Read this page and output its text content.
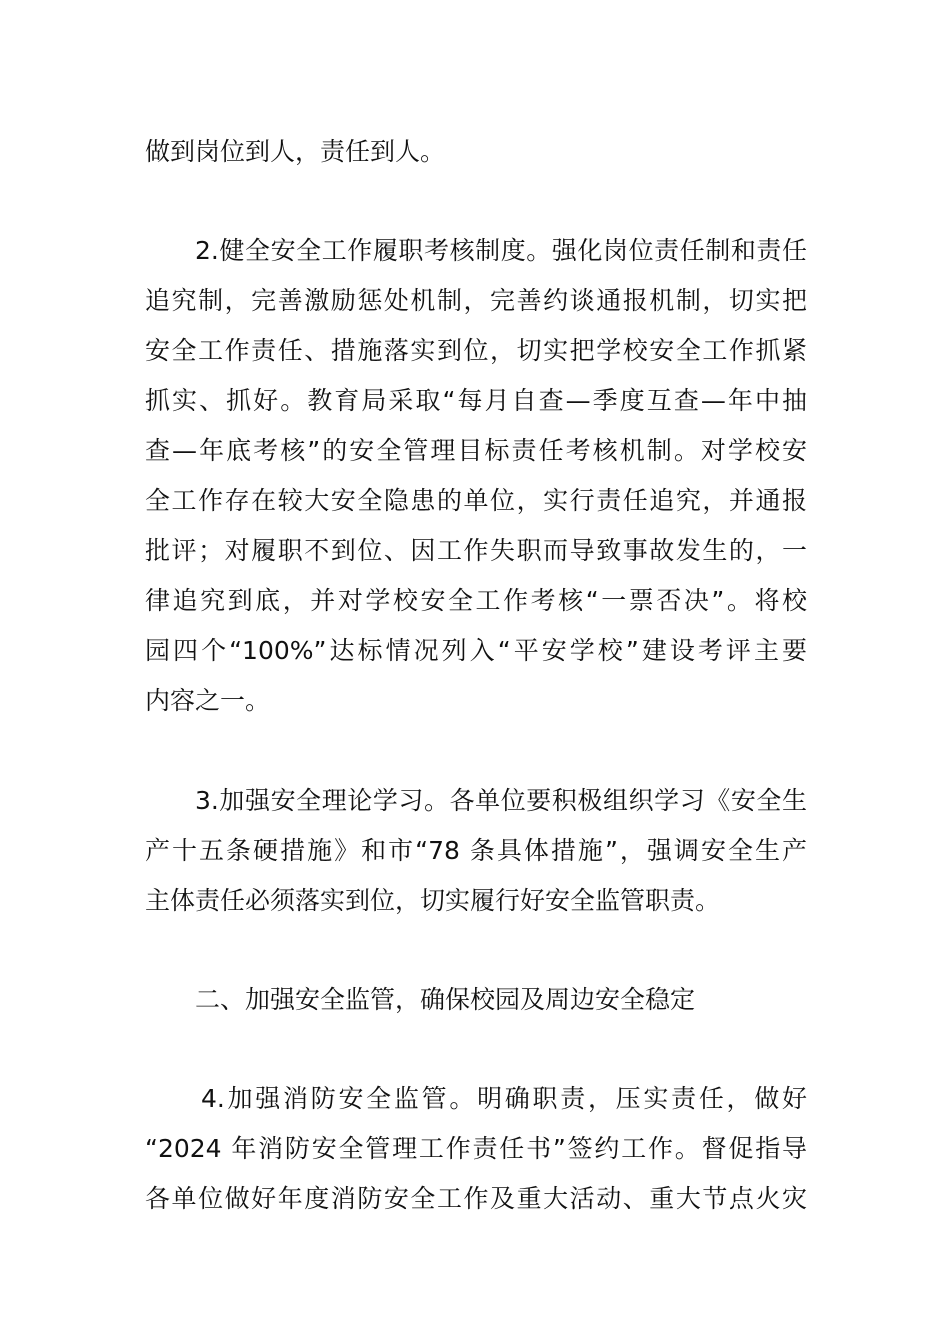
做到岗位到人，责任到人。
2.健全安全工作履职考核制度。强化岗位责任制和责任
追究制，完善激励惩处机制，完善约谈通报机制，切实把
安全工作责任、措施落实到位，切实把学校安全工作抓紧
抓实、抓好。教育局采取“每月自查—季度互查—年中抽
查—年底考核”的安全管理目标责任考核机制。对学校安
全工作存在较大安全隐患的单位，实行责任追究，并通报
批评；对履职不到位、因工作失职而导致事故发生的，一
律追究到底，并对学校安全工作考核“一票否决”。将校
园四个“100%”达标情况列入“平安学校”建设考评主要
内容之一。
3.加强安全理论学习。各单位要积极组织学习《安全生
产十五条硬措施》和市“78 条具体措施”，强调安全生产
主体责任必须落实到位，切实履行好安全监管职责。
二、加强安全监管，确保校园及周边安全稳定
4.加强消防安全监管。明确职责，压实责任，做好
“2024 年消防安全管理工作责任书”签约工作。督促指导
各单位做好年度消防安全工作及重大活动、重大节点火灾
